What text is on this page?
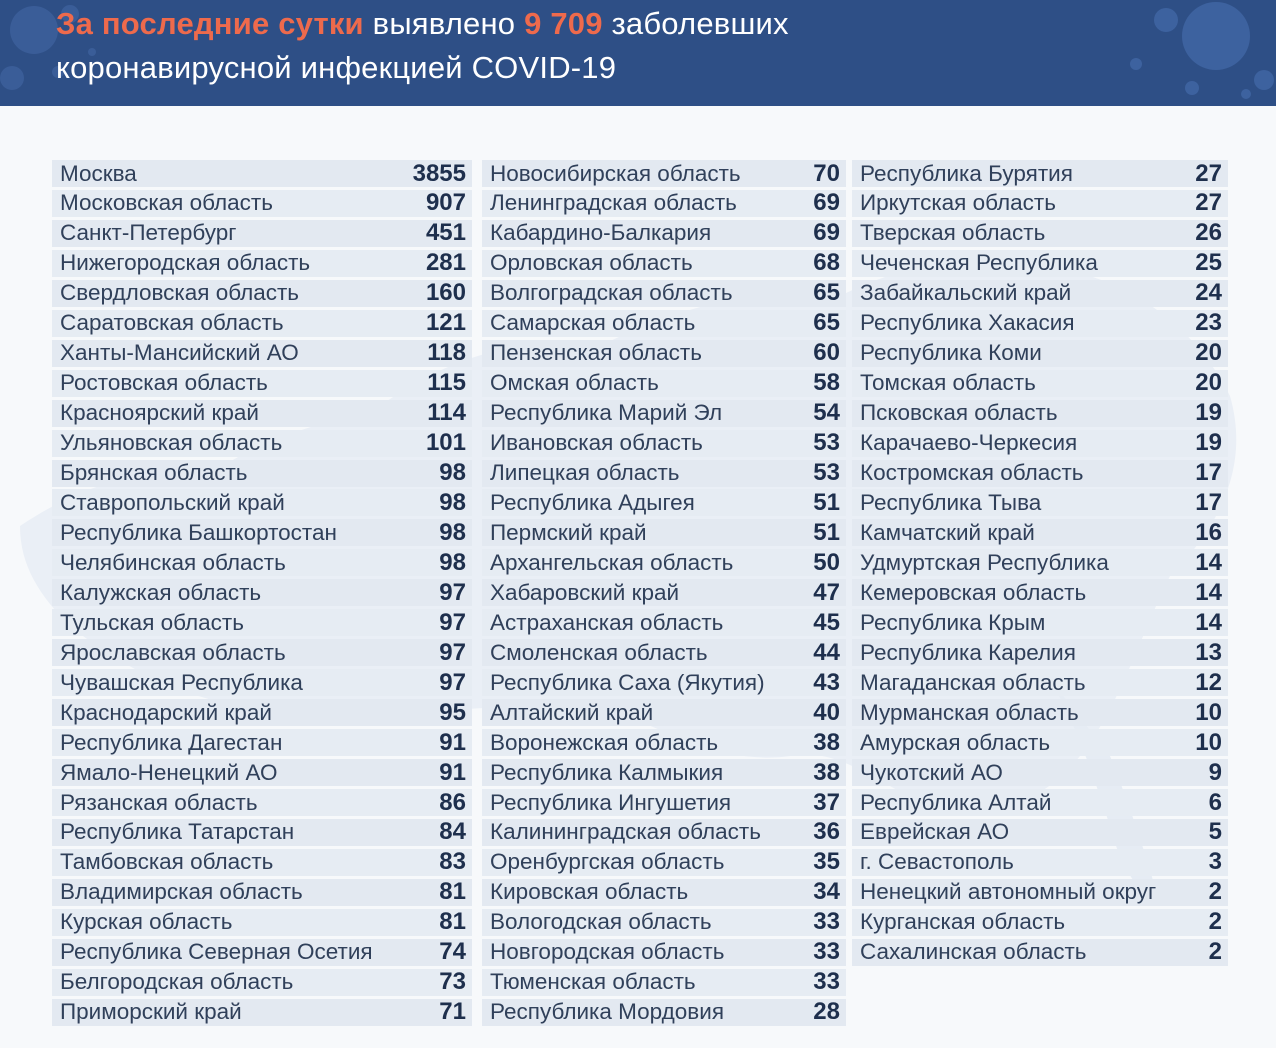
За последние сутки выявлено 9 709 заболевших
коронавирусной инфекцией COVID-19
Москва	3855
Московская область	907
Санкт-Петербург	451
Нижегородская область	281
Свердловская область	160
Саратовская область	121
Ханты-Мансийский АО	118
Ростовская область	115
Красноярский край	114
Ульяновская область	101
Брянская область	98
Ставропольский край	98
Республика Башкортостан	98
Челябинская область	98
Калужская область	97
Тульская область	97
Ярославская область	97
Чувашская Республика	97
Краснодарский край	95
Республика Дагестан	91
Ямало-Ненецкий АО	91
Рязанская область	86
Республика Татарстан	84
Тамбовская область	83
Владимирская область	81
Курская область	81
Республика Северная Осетия	74
Белгородская область	73
Приморский край	71
Новосибирская область	70
Ленинградская область	69
Кабардино-Балкария	69
Орловская область	68
Волгоградская область	65
Самарская область	65
Пензенская область	60
Омская область	58
Республика Марий Эл	54
Ивановская область	53
Липецкая область	53
Республика Адыгея	51
Пермский край	51
Архангельская область	50
Хабаровский край	47
Астраханская область	45
Смоленская область	44
Республика Саха (Якутия) 43
Алтайский край	40
Воронежская область	38
Республика Калмыкия	38
Республика Ингушетия	37
Калининградская область 36
Оренбургская область	35
Кировская область	34
Вологодская область	33
Новгородская область	33
Тюменская область	33
Республика Мордовия	28
Республика Бурятия	27
Иркутская область	27
Тверская область	26
Чеченская Республика	25
Забайкальский край	24
Республика Хакасия	23
Республика Коми	20
Томская область	20
Псковская область	19
Карачаево-Черкесия	19
Костромская область	17
Республика Тыва	17
Камчатский край	16
Удмуртская Республика	14
Кемеровская область	14
Республика Крым	14
Республика Карелия	13
Магаданская область	12
Мурманская область	10
Амурская область	10
Чукотский АО	9
Республика Алтай	6
Еврейская АО	5
г. Севастополь	3
Ненецкий автономный округ 2
Курганская область	2
Сахалинская область	2
